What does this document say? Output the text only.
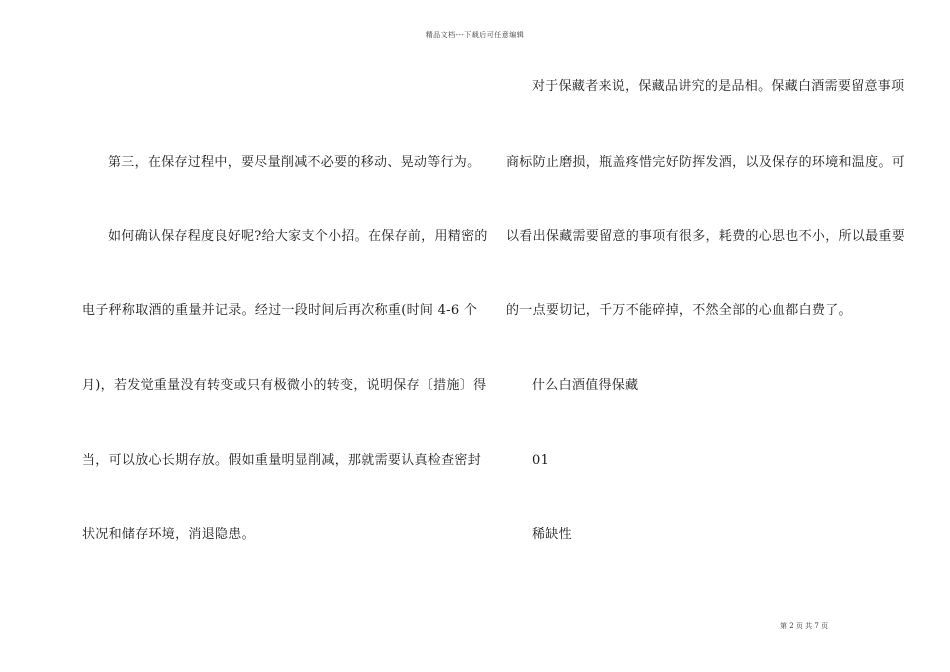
精品文档---下载后可任意编辑
第三，在保存过程中，要尽量削减不必要的移动、晃动等行为。
如何确认保存程度良好呢?给大家支个小招。在保存前，用精密的
电子秤称取酒的重量并记录。经过一段时间后再次称重(时间 4-6 个
月)，若发觉重量没有转变或只有极微小的转变，说明保存〔措施〕得
当，可以放心长期存放。假如重量明显削减，那就需要认真检查密封
状况和储存环境，消退隐患。
对于保藏者来说，保藏品讲究的是品相。保藏白酒需要留意事项
商标防止磨损，瓶盖疼惜完好防挥发酒，以及保存的环境和温度。可
以看出保藏需要留意的事项有很多，耗费的心思也不小，所以最重要
的一点要切记，千万不能碎掉，不然全部的心血都白费了。
什么白酒值得保藏
01
稀缺性
第 2 页 共 7 页
